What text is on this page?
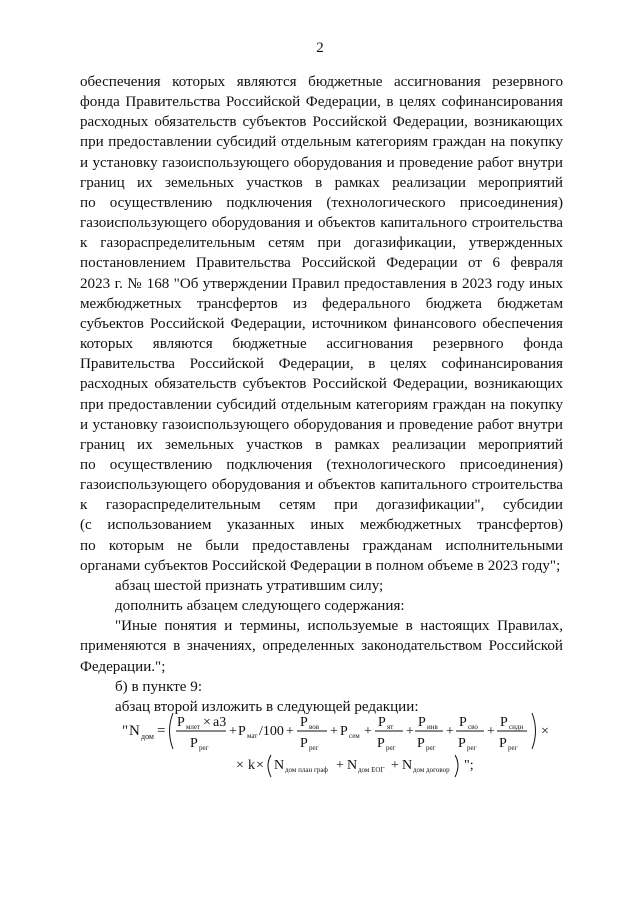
2
обеспечения которых являются бюджетные ассигнования резервного
фонда Правительства Российской Федерации, в целях софинансирования
расходных обязательств субъектов Российской Федерации, возникающих
при предоставлении субсидий отдельным категориям граждан на покупку
и установку газоиспользующего оборудования и проведение работ внутри
границ их земельных участков в рамках реализации мероприятий
по осуществлению подключения (технологического присоединения)
газоиспользующего оборудования и объектов капитального строительства
к газораспределительным сетям при догазификации, утвержденных
постановлением Правительства Российской Федерации от 6 февраля
2023 г. № 168 "Об утверждении Правил предоставления в 2023 году иных
межбюджетных трансфертов из федерального бюджета бюджетам
субъектов Российской Федерации, источником финансового обеспечения
которых являются бюджетные ассигнования резервного фонда
Правительства Российской Федерации, в целях софинансирования
расходных обязательств субъектов Российской Федерации, возникающих
при предоставлении субсидий отдельным категориям граждан на покупку
и установку газоиспользующего оборудования и проведение работ внутри
границ их земельных участков в рамках реализации мероприятий
по осуществлению подключения (технологического присоединения)
газоиспользующего оборудования и объектов капитального строительства
к газораспределительным сетям при догазификации", субсидии
(с использованием указанных иных межбюджетных трансфертов)
по которым не были предоставлены гражданам исполнительными
органами субъектов Российской Федерации в полном объеме в 2023 году";
абзац шестой признать утратившим силу;
дополнить абзацем следующего содержания:
"Иные понятия и термины, используемые в настоящих Правилах,
применяются в значениях, определенных законодательством Российской
Федерации.";
б) в пункте 9:
абзац второй изложить в следующей редакции:
" N дом =
P млет × а3
P рег
+ P мат /100 +
P вов
P рег
+ P сем +
P ят
P рег
+
P инв
P рег
+
P сво
P рег
+
P сидн
P рег
×
× k × N дом план граф + N дом ЕОГ + N дом договор ";
